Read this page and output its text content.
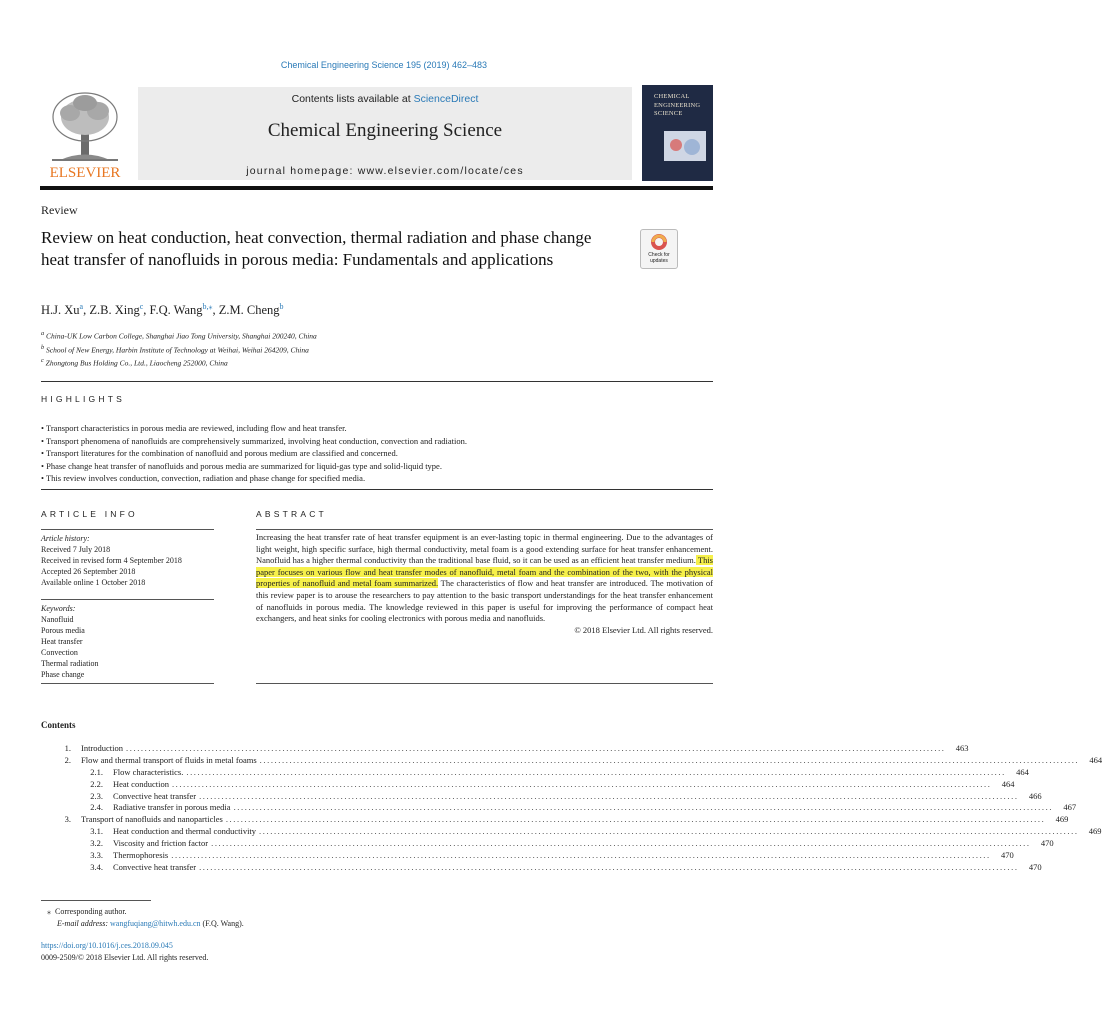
Chemical Engineering Science 195 (2019) 462–483
ELSEVIER
Contents lists available at ScienceDirect
Chemical Engineering Science
journal homepage: www.elsevier.com/locate/ces
CHEMICAL
ENGINEERING
SCIENCE
Review
Review on heat conduction, heat convection, thermal radiation and phase change heat transfer of nanofluids in porous media: Fundamentals and applications	Check for updates
H.J. Xu$^a$, Z.B. Xing$^c$, F.Q. Wang$^{b,⁎}$, Z.M. Cheng$^b$
$^a$ China-UK Low Carbon College, Shanghai Jiao Tong University, Shanghai 200240, China
$^b$ School of New Energy, Harbin Institute of Technology at Weihai, Weihai 264209, China
$^c$ Zhongtong Bus Holding Co., Ltd., Liaocheng 252000, China
HIGHLIGHTS
• Transport characteristics in porous media are reviewed, including flow and heat transfer.
• Transport phenomena of nanofluids are comprehensively summarized, involving heat conduction, convection and radiation.
• Transport literatures for the combination of nanofluid and porous medium are classified and concerned.
• Phase change heat transfer of nanofluids and porous media are summarized for liquid-gas type and solid-liquid type.
• This review involves conduction, convection, radiation and phase change for specified media.
ARTICLE INFO
Article history:
Received 7 July 2018
Received in revised form 4 September 2018
Accepted 26 September 2018
Available online 1 October 2018
Keywords:
Nanofluid
Porous media
Heat transfer
Convection
Thermal radiation
Phase change
ABSTRACT
Increasing the heat transfer rate of heat transfer equipment is an ever-lasting topic in thermal engineering. Due to the advantages of light weight, high specific surface, high thermal conductivity, metal foam is a good extending surface for heat transfer enhancement. Nanofluid has a higher thermal conductivity than the traditional base fluid, so it can be used as an efficient heat transfer medium. This paper focuses on various flow and heat transfer modes of nanofluid, metal foam and the combination of the two, with the physical properties of nanofluid and metal foam summarized. The characteristics of flow and heat transfer are introduced. The motivation of this review paper is to arouse the researchers to pay attention to the basic transport understandings for the heat transfer enhancement of nanofluids in porous media. The knowledge reviewed in this paper is useful for improving the performance of compact heat exchangers, and heat sinks for cooling electronics with porous media and nanofluids.
© 2018 Elsevier Ltd. All rights reserved.
Contents
1.	Introduction ............................................................................................................................................................................................................................	463
2.	Flow and thermal transport of fluids in metal foams ............................................................................................................................................................................................................................	464
2.1.	Flow characteristics. ............................................................................................................................................................................................................................	464
2.2.	Heat conduction ............................................................................................................................................................................................................................	464
2.3.	Convective heat transfer ............................................................................................................................................................................................................................	466
2.4.	Radiative transfer in porous media ............................................................................................................................................................................................................................	467
3.	Transport of nanofluids and nanoparticles ............................................................................................................................................................................................................................	469
3.1.	Heat conduction and thermal conductivity ............................................................................................................................................................................................................................	469
3.2.	Viscosity and friction factor ............................................................................................................................................................................................................................	470
3.3.	Thermophoresis ............................................................................................................................................................................................................................	470
3.4.	Convective heat transfer ............................................................................................................................................................................................................................	470
⁎ Corresponding author.
E-mail address: wangfuqiang@hitwh.edu.cn (F.Q. Wang).
https://doi.org/10.1016/j.ces.2018.09.045
0009-2509/© 2018 Elsevier Ltd. All rights reserved.
